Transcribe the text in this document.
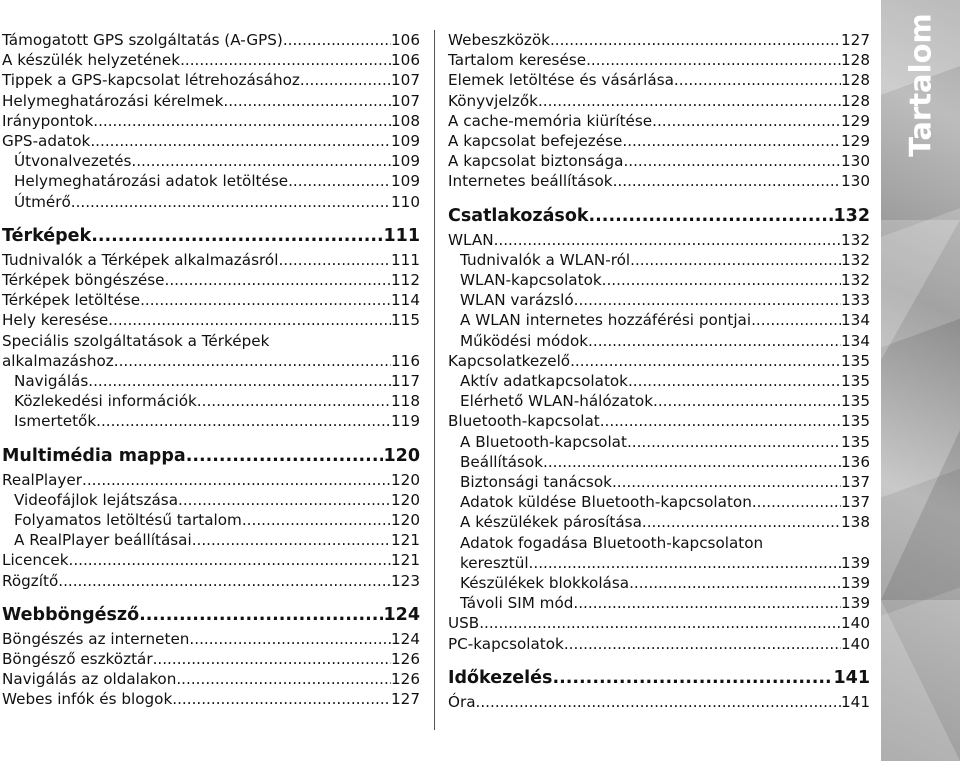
Támogatott GPS szolgáltatás (A-GPS) .....	106
A készülék helyzetének .....	106
Tippek a GPS-kapcsolat létrehozásához .....	107
Helymeghatározási kérelmek .....	107
Iránypontok .....	108
GPS-adatok .....	109
Útvonalvezetés .....	109
Helymeghatározási adatok letöltése .....	109
Útmérő .....	110
Térképek .....	111
Tudnivalók a Térképek alkalmazásról .....	111
Térképek böngészése .....	112
Térképek letöltése .....	114
Hely keresése .....	115
Speciális szolgáltatások a Térképek
alkalmazáshoz .....	116
Navigálás .....	117
Közlekedési információk .....	118
Ismertetők .....	119
Multimédia mappa .....	120
RealPlayer .....	120
Videofájlok lejátszása .....	120
Folyamatos letöltésű tartalom .....	120
A RealPlayer beállításai .....	121
Licencek .....	121
Rögzítő .....	123
Webböngésző .....	124
Böngészés az interneten .....	124
Böngésző eszköztár .....	126
Navigálás az oldalakon .....	126
Webes infók és blogok .....	127
Webeszközök .....	127
Tartalom keresése .....	128
Elemek letöltése és vásárlása .....	128
Könyvjelzők .....	128
A cache-memória kiürítése .....	129
A kapcsolat befejezése .....	129
A kapcsolat biztonsága .....	130
Internetes beállítások .....	130
Csatlakozások .....	132
WLAN .....	132
Tudnivalók a WLAN-ról .....	132
WLAN-kapcsolatok .....	132
WLAN varázsló .....	133
A WLAN internetes hozzáférési pontjai .....	134
Működési módok .....	134
Kapcsolatkezelő .....	135
Aktív adatkapcsolatok .....	135
Elérhető WLAN-hálózatok .....	135
Bluetooth-kapcsolat .....	135
A Bluetooth-kapcsolat .....	135
Beállítások .....	136
Biztonsági tanácsok .....	137
Adatok küldése Bluetooth-kapcsolaton .....	137
A készülékek párosítása .....	138
Adatok fogadása Bluetooth-kapcsolaton
keresztül .....	139
Készülékek blokkolása .....	139
Távoli SIM mód .....	139
USB .....	140
PC-kapcsolatok .....	140
Időkezelés .....	141
Óra .....	141
Tartalom
